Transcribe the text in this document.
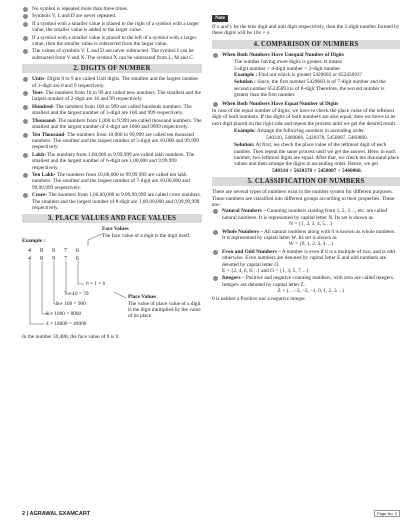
No symbol is repeated more than three times.
Symbols V, L and D are never repeated.
If a symbol with a smaller value is placed to the right of a symbol with a larger value, the smaller value is added to the larger value.
If a symbol with a smaller value is placed to the left of a symbol with a larger value, then the smaller value is subtracted from the larger value.
The values of symbols V, L and D are never subtracted. The symbol I can be subtracted from V and X. The symbol X can be subtracted from L, M and C.
2. DIGITS OF NUMBER
Units- Digits 0 to 9 are called Unit digits. The smallest and the largest number of 1-digit are 0 and 9 respectively.
Tens- The numbers from 10 to 99 are called tens numbers. The smallest and the largest number of 2-digit are 10 and 99 respectively.
Hundred- The numbers from 100 to 999 are called hundreds numbers. The smallest and the largest number of 3-digit are 100 and 999 respectively.
Thousand- The numbers from 1,000 to 9,999 are called thousand numbers. The smallest and the largest number of 4-digit are 1000 and 9999 respectively.
Ten Thousand- The numbers from 10,000 to 99,999 are called ten thousand numbers. The smallest and the largest number of 5-digit are 10,000 and 99,999 respectively.
Lakh- The numbers from 1,00,000 to 9,99,999 are called lakh numbers. The smallest and the largest number of 6-digit are 1,00,000 and 9,99,999 respectively.
Ten Lakh- The numbers from 10,00,000 to 99,99,999 are called ten lakh numbers. The smallest and the largest number of 7-digit are 10,00,000 and 99,99,999 respectively.
Crore- The numbers from 1,00,00,000 to 9,99,99,999 are called crore numbers. The smallest and the largest number of 8-digit are 1,00,00,000 and 9,99,99,999 respectively.
3. PLACE VALUES AND FACE VALUES
Face Values
The face value of a digit is the digit itself.
Example :
4 8 9 7 6
4 8 9 7 6
6 × 1 = 6
7 × 10 = 70
9 × 100 = 900
8 × 1000 = 8000
4 × 10000 = 40000
Place Values
The value of place value of a digit is the digit multiplied by the value of its place.

In the number 59,488, the face value of 9 is 9.

Note

If x and y be the tens digit and unit digit respectively, then the 2-digit number formed by these digits will be 10x + y.

4. COMPARISON OF NUMBERS
When Both Numbers Have Unequal Number of Digits

The number having more digits is greater. It means

5-digit number > 4-digit number > 3-digit number

Example : Find out which is greater 5429683 or 65245893?

Solution : Since, the first number 5429683 is of 7-digit number and the second number 65245893 is of 8-digit Therefore, the second number is greater than the first number.

When Both Numbers Have Equal Number of Digits

In case of the equal number of digits, we have to check the place value of the leftmost digit of both numbers. If the digits of both numbers are also equal, then we move to its next digit placed on the right side and repeat the process until we get the desired result.

Example: Arrange the following numbers in ascending order.

540310, 5460860, 5420378, 5450087, 5460860.

Solution: At first, we check the place value of the leftmost digit of each number. Then repeat the same process until we get the answer. Here, in each number, two leftmost digits are equal. After that, we check ten thousand place values and then arrange the digits in ascending order. Hence, we get

540310 < 5420378 < 5450087 < 5460860.

5. CLASSIFICATION OF NUMBERS

There are several types of numbers exist in the number system for different purposes. These numbers are classified into different groups according to their properties. These are–

Natural Numbers – Counting numbers starting from 1, 2, 3…, etc. are called natural numbers. It is represented by capital letter N. Its set is shown as
N = {1, 2, 3, 4, 5…}
Whole Numbers – All natural numbers along with 0 is known as whole numbers. It is represented by capital letter W. Its set is shown as
W = {0, 1, 2, 3, 4…}
Even and Odd Numbers – A number is even if it is a multiple of two, and is odd otherwise. Even numbers are denoted by capital letter E and odd numbers are denoted by capital letter O.
E = {2, 4, 6, 8…} and O = {1, 3, 5, 7…}
Integers – Positive and negative counting numbers, with zero are called integers. Integers are denoted by capital letter Z.
Z = {…–3, –2, –1, 0, 1, 2, 3…}

0 is neither a Positive nor a negative integer.

2 | AGRAWAL EXAMCART	Page No. 2
